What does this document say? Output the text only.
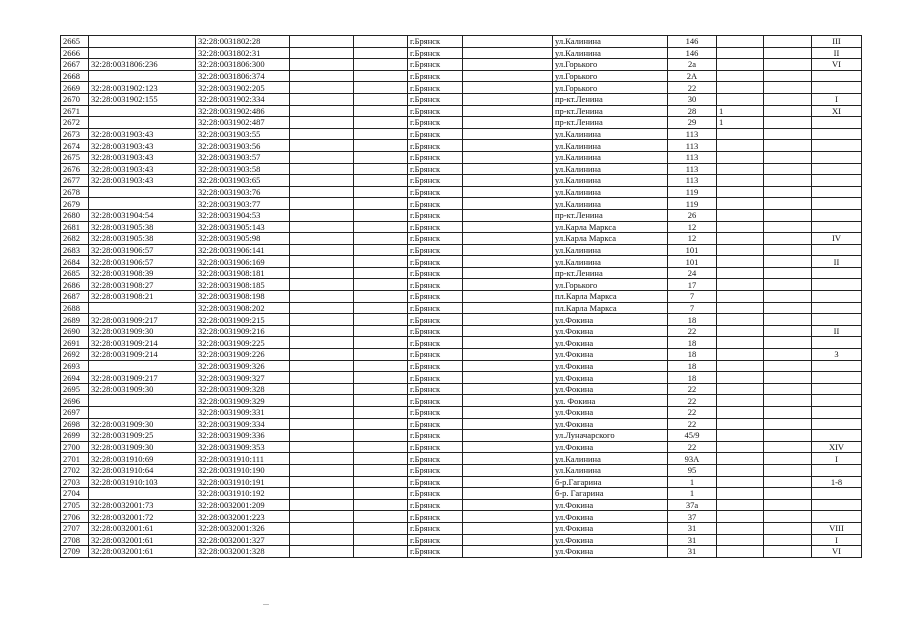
2665		32:28:0031802:28			г.Брянск		ул.Калинина	146			III
2666		32:28:0031802:31			г.Брянск		ул.Калинина	146			II
2667	32:28:0031806:236	32:28:0031806:300			г.Брянск		ул.Горького	2а			VI
2668		32:28:0031806:374			г.Брянск		ул.Горького	2А			
2669	32:28:0031902:123	32:28:0031902:205			г.Брянск		ул.Горького	22			
2670	32:28:0031902:155	32:28:0031902:334			г.Брянск		пр-кт.Ленина	30			I
2671		32:28:0031902:486			г.Брянск		пр-кт.Ленина	28	1		XI
2672		32:28:0031902:487			г.Брянск		пр-кт.Ленина	29	1		
2673	32:28:0031903:43	32:28:0031903:55			г.Брянск		ул.Калинина	113			
2674	32:28:0031903:43	32:28:0031903:56			г.Брянск		ул.Калинина	113			
2675	32:28:0031903:43	32:28:0031903:57			г.Брянск		ул.Калинина	113			
2676	32:28:0031903:43	32:28:0031903:58			г.Брянск		ул.Калинина	113			
2677	32:28:0031903:43	32:28:0031903:65			г.Брянск		ул.Калинина	113			
2678		32:28:0031903:76			г.Брянск		ул.Калинина	119			
2679		32:28:0031903:77			г.Брянск		ул.Калинина	119			
2680	32:28:0031904:54	32:28:0031904:53			г.Брянск		пр-кт.Ленина	26			
2681	32:28:0031905:38	32:28:0031905:143			г.Брянск		ул.Карла Маркса	12			
2682	32:28:0031905:38	32:28:0031905:98			г.Брянск		ул.Карла Маркса	12			IV
2683	32:28:0031906:57	32:28:0031906:141			г.Брянск		ул.Калинина	101			
2684	32:28:0031906:57	32:28:0031906:169			г.Брянск		ул.Калинина	101			II
2685	32:28:0031908:39	32:28:0031908:181			г.Брянск		пр-кт.Ленина	24			
2686	32:28:0031908:27	32:28:0031908:185			г.Брянск		ул.Горького	17			
2687	32:28:0031908:21	32:28:0031908:198			г.Брянск		пл.Карла Маркса	7			
2688		32:28:0031908:202			г.Брянск		пл.Карла Маркса	7			
2689	32:28:0031909:217	32:28:0031909:215			г.Брянск		ул.Фокина	18			
2690	32:28:0031909:30	32:28:0031909:216			г.Брянск		ул.Фокина	22			II
2691	32:28:0031909:214	32:28:0031909:225			г.Брянск		ул.Фокина	18			
2692	32:28:0031909:214	32:28:0031909:226			г.Брянск		ул.Фокина	18			3
2693		32:28:0031909:326			г.Брянск		ул.Фокина	18			
2694	32:28:0031909:217	32:28:0031909:327			г.Брянск		ул.Фокина	18			
2695	32:28:0031909:30	32:28:0031909:328			г.Брянск		ул.Фокина	22			
2696		32:28:0031909:329			г.Брянск		ул. Фокина	22			
2697		32:28:0031909:331			г.Брянск		ул.Фокина	22			
2698	32:28:0031909:30	32:28:0031909:334			г.Брянск		ул.Фокина	22			
2699	32:28:0031909:25	32:28:0031909:336			г.Брянск		ул.Луначарского	45/9			
2700	32:28:0031909:30	32:28:0031909:353			г.Брянск		ул.Фокина	22			XIV
2701	32:28:0031910:69	32:28:0031910:111			г.Брянск		ул.Калинина	93А			I
2702	32:28:0031910:64	32:28:0031910:190			г.Брянск		ул.Калинина	95			
2703	32:28:0031910:103	32:28:0031910:191			г.Брянск		б-р.Гагарина	1			1-8
2704		32:28:0031910:192			г.Брянск		б-р. Гагарина	1			
2705	32:28:0032001:73	32:28:0032001:209			г.Брянск		ул.Фокина	37а			
2706	32:28:0032001:72	32:28:0032001:223			г.Брянск		ул.Фокина	37			
2707	32:28:0032001:61	32:28:0032001:326			г.Брянск		ул.Фокина	31			VIII
2708	32:28:0032001:61	32:28:0032001:327			г.Брянск		ул.Фокина	31			I
2709	32:28:0032001:61	32:28:0032001:328			г.Брянск		ул.Фокина	31			VI
